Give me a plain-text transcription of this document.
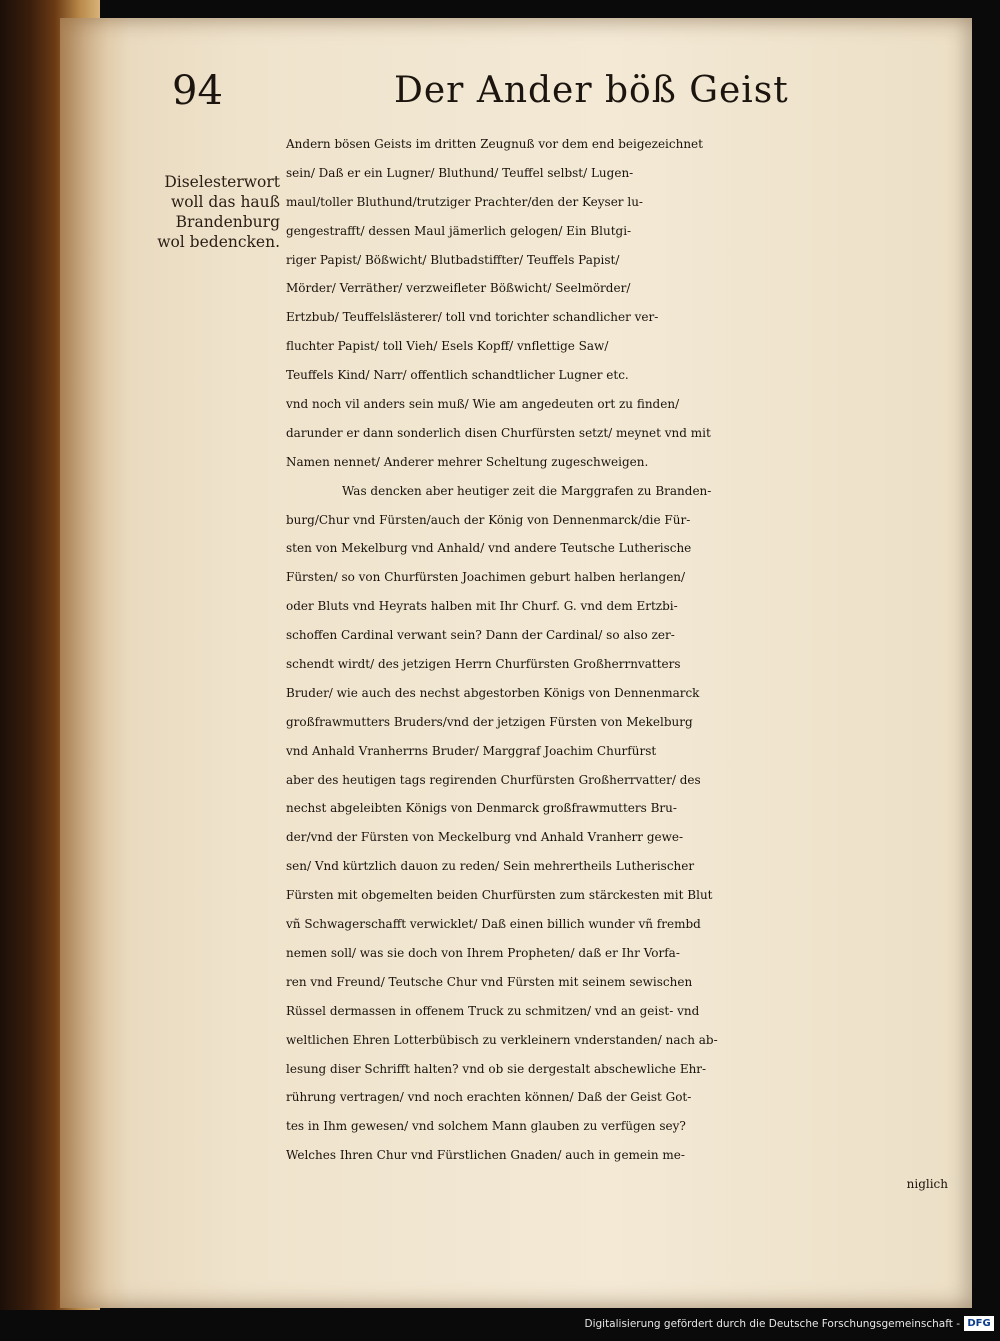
94	Der Ander böß Geist
Diselesterwort
woll das hauß
Brandenburg
wol bedencken.
Andern bösen Geists im dritten Zeugnuß vor dem end beigezeichnet
sein/ Daß er ein Lugner/ Bluthund/ Teuffel selbst/ Lugen-
maul/toller Bluthund/trutziger Prachter/den der Keyser lu-
gengestrafft/ dessen Maul jämerlich gelogen/ Ein Blutgi-
riger Papist/ Bößwicht/ Blutbadstiffter/ Teuffels Papist/
Mörder/ Verräther/ verzweifleter Bößwicht/ Seelmörder/
Ertzbub/ Teuffelslästerer/ toll vnd torichter schandlicher ver-
fluchter Papist/ toll Vieh/ Esels Kopff/ vnflettige Saw/
Teuffels Kind/ Narr/ offentlich schandtlicher Lugner etc.
vnd noch vil anders sein muß/ Wie am angedeuten ort zu finden/
darunder er dann sonderlich disen Churfürsten setzt/ meynet vnd mit
Namen nennet/ Anderer mehrer Scheltung zugeschweigen.
Was dencken aber heutiger zeit die Marggrafen zu Branden-
burg/Chur vnd Fürsten/auch der König von Dennenmarck/die Für-
sten von Mekelburg vnd Anhald/ vnd andere Teutsche Lutherische
Fürsten/ so von Churfürsten Joachimen geburt halben herlangen/
oder Bluts vnd Heyrats halben mit Ihr Churf. G. vnd dem Ertzbi-
schoffen Cardinal verwant sein? Dann der Cardinal/ so also zer-
schendt wirdt/ des jetzigen Herrn Churfürsten Großherrnvatters
Bruder/ wie auch des nechst abgestorben Königs von Dennenmarck
großfrawmutters Bruders/vnd der jetzigen Fürsten von Mekelburg
vnd Anhald Vranherrns Bruder/ Marggraf Joachim Churfürst
aber des heutigen tags regirenden Churfürsten Großherrvatter/ des
nechst abgeleibten Königs von Denmarck großfrawmutters Bru-
der/vnd der Fürsten von Meckelburg vnd Anhald Vranherr gewe-
sen/ Vnd kürtzlich dauon zu reden/ Sein mehrertheils Lutherischer
Fürsten mit obgemelten beiden Churfürsten zum stärckesten mit Blut
vñ Schwagerschafft verwicklet/ Daß einen billich wunder vñ frembd
nemen soll/ was sie doch von Ihrem Propheten/ daß er Ihr Vorfa-
ren vnd Freund/ Teutsche Chur vnd Fürsten mit seinem sewischen
Rüssel dermassen in offenem Truck zu schmitzen/ vnd an geist- vnd
weltlichen Ehren Lotterbübisch zu verkleinern vnderstanden/ nach ab-
lesung diser Schrifft halten? vnd ob sie dergestalt abschewliche Ehr-
rührung vertragen/ vnd noch erachten können/ Daß der Geist Got-
tes in Ihm gewesen/ vnd solchem Mann glauben zu verfügen sey?
Welches Ihren Chur vnd Fürstlichen Gnaden/ auch in gemein me-
niglich
Digitalisierung gefördert durch die Deutsche Forschungsgemeinschaft - DFG
